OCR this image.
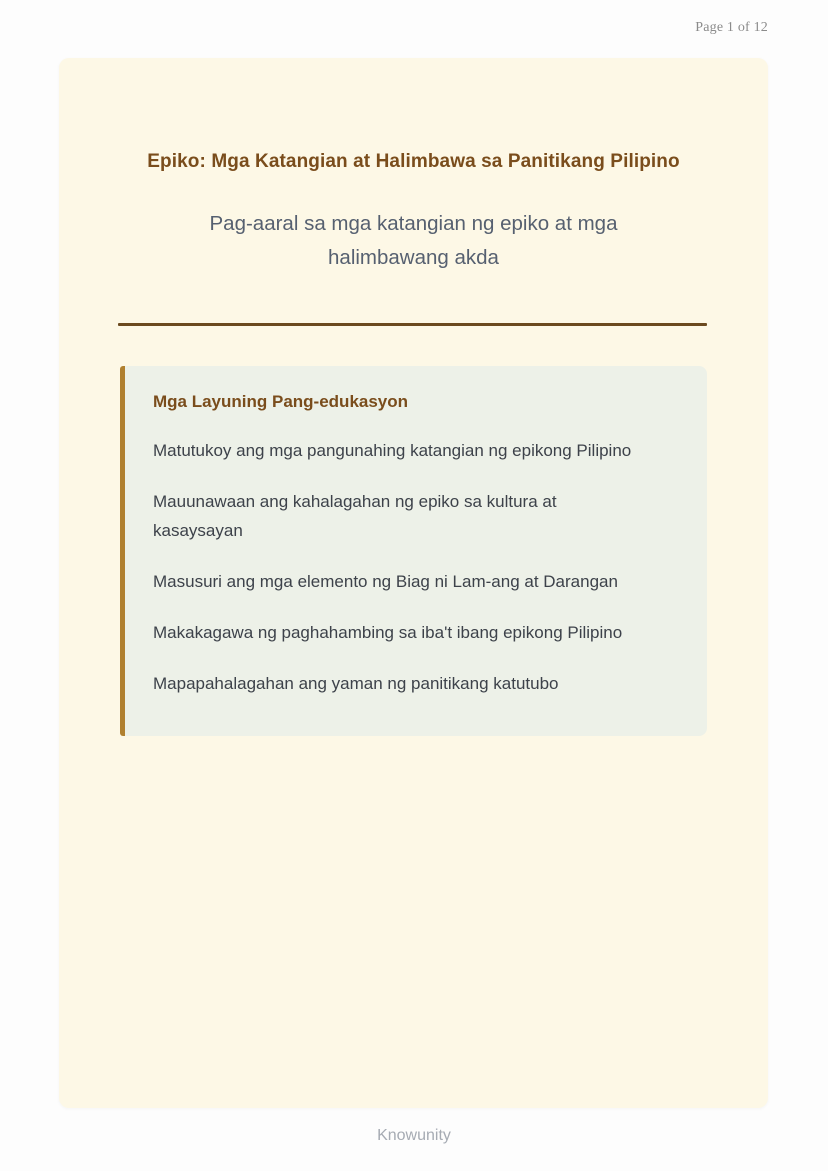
Page 1 of 12
Epiko: Mga Katangian at Halimbawa sa Panitikang Pilipino

Pag-aaral sa mga katangian ng epiko at mga halimbawang akda

Mga Layuning Pang-edukasyon

Matutukoy ang mga pangunahing katangian ng epikong Pilipino

Mauunawaan ang kahalagahan ng epiko sa kultura at kasaysayan

Masusuri ang mga elemento ng Biag ni Lam-ang at Darangan

Makakagawa ng paghahambing sa iba't ibang epikong Pilipino

Mapapahalagahan ang yaman ng panitikang katutubo

Knowunity
